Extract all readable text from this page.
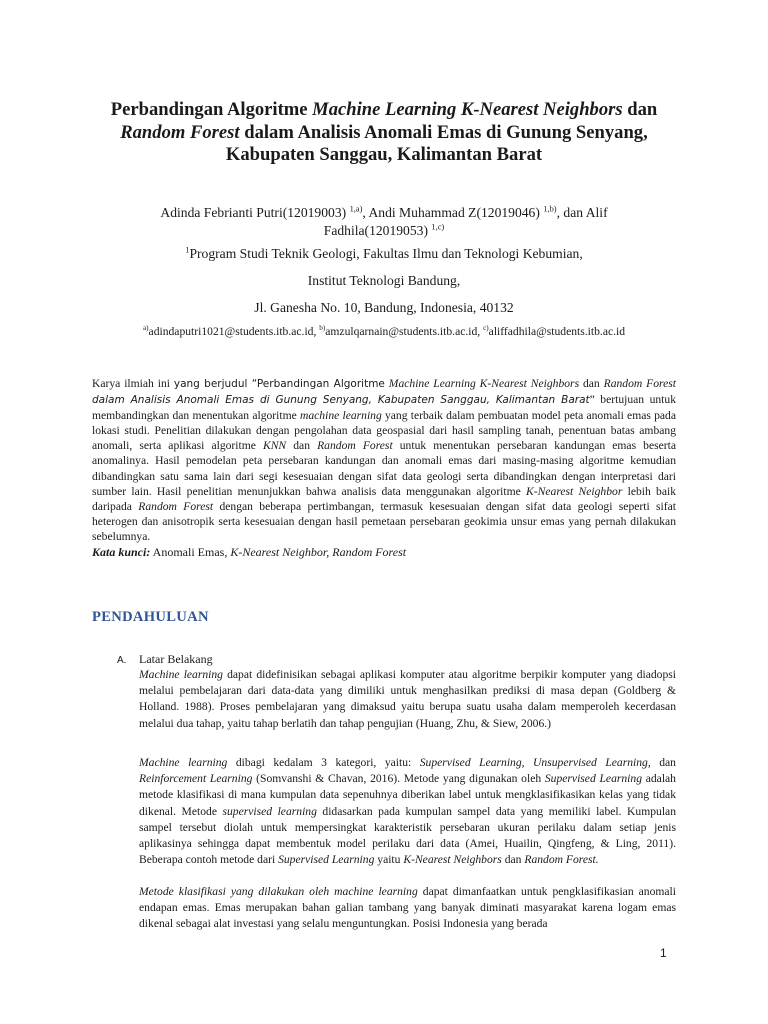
Perbandingan Algoritme Machine Learning K-Nearest Neighbors dan
Random Forest dalam Analisis Anomali Emas di Gunung Senyang, Kabupaten Sanggau, Kalimantan Barat

Adinda Febrianti Putri(12019003) $^{1,a)}$, Andi Muhammad Z(12019046) $^{1,b)}$, dan Alif Fadhila(12019053) $^{1,c)}$

$^1$Program Studi Teknik Geologi, Fakultas Ilmu dan Teknologi Kebumian,

Institut Teknologi Bandung,

Jl. Ganesha No. 10, Bandung, Indonesia, 40132

$^{a)}$adindaputri1021@students.itb.ac.id, $^{b)}$amzulqarnain@students.itb.ac.id, $^{c)}$aliffadhila@students.itb.ac.id

Karya ilmiah ini yang berjudul “Perbandingan Algoritme Machine Learning K-Nearest Neighbors dan Random Forest dalam Analisis Anomali Emas di Gunung Senyang, Kabupaten Sanggau, Kalimantan Barat” bertujuan untuk membandingkan dan menentukan algoritme machine learning yang terbaik dalam pembuatan model peta anomali emas pada lokasi studi. Penelitian dilakukan dengan pengolahan data geospasial dari hasil sampling tanah, penentuan batas ambang anomali, serta aplikasi algoritme KNN dan Random Forest untuk menentukan persebaran kandungan emas beserta anomalinya. Hasil pemodelan peta persebaran kandungan dan anomali emas dari masing-masing algoritme kemudian dibandingkan satu sama lain dari segi kesesuaian dengan sifat data geologi serta dibandingkan dengan interpretasi dari sumber lain. Hasil penelitian menunjukkan bahwa analisis data menggunakan algoritme K-Nearest Neighbor lebih baik daripada Random Forest dengan beberapa pertimbangan, termasuk kesesuaian dengan sifat data geologi seperti sifat heterogen dan anisotropik serta kesesuaian dengan hasil pemetaan persebaran geokimia unsur emas yang pernah dilakukan sebelumnya.

Kata kunci: Anomali Emas, K-Nearest Neighbor, Random Forest

PENDAHULUAN
A. Latar Belakang

Machine learning dapat didefinisikan sebagai aplikasi komputer atau algoritme berpikir komputer yang diadopsi melalui pembelajaran dari data-data yang dimiliki untuk menghasilkan prediksi di masa depan (Goldberg & Holland. 1988). Proses pembelajaran yang dimaksud yaitu berupa suatu usaha dalam memperoleh kecerdasan melalui dua tahap, yaitu tahap berlatih dan tahap pengujian (Huang, Zhu, & Siew, 2006.)

Machine learning dibagi kedalam 3 kategori, yaitu: Supervised Learning, Unsupervised Learning, dan Reinforcement Learning (Somvanshi & Chavan, 2016). Metode yang digunakan oleh Supervised Learning adalah metode klasifikasi di mana kumpulan data sepenuhnya diberikan label untuk mengklasifikasikan kelas yang tidak dikenal. Metode supervised learning didasarkan pada kumpulan sampel data yang memiliki label. Kumpulan sampel tersebut diolah untuk mempersingkat karakteristik persebaran ukuran perilaku dalam setiap jenis aplikasinya sehingga dapat membentuk model perilaku dari data (Amei, Huailin, Qingfeng, & Ling, 2011). Beberapa contoh metode dari Supervised Learning yaitu K-Nearest Neighbors dan Random Forest.

Metode klasifikasi yang dilakukan oleh machine learning dapat dimanfaatkan untuk pengklasifikasian anomali endapan emas. Emas merupakan bahan galian tambang yang banyak diminati masyarakat karena logam emas dikenal sebagai alat investasi yang selalu menguntungkan. Posisi Indonesia yang berada

1
